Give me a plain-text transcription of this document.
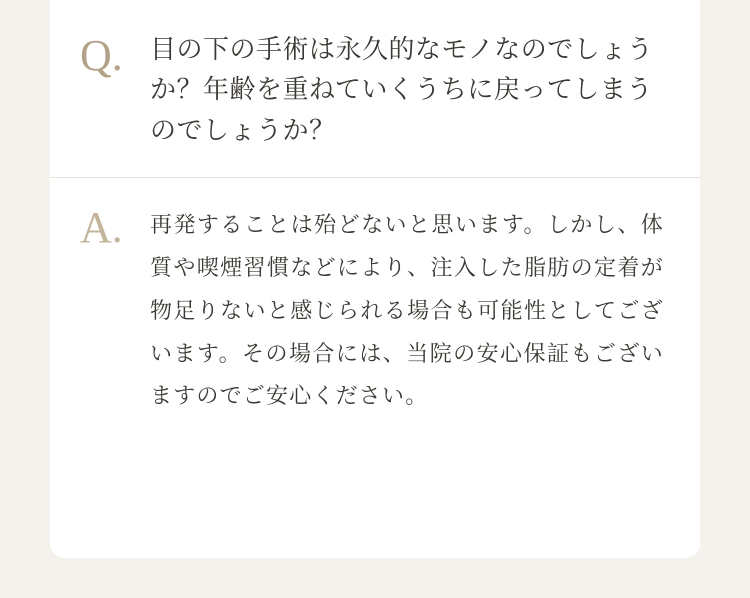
Q.	目の下の手術は永久的なモノなのでしょうか？年齢を重ねていくうちに戻ってしまうのでしょうか？
A.	再発することは殆どないと思います。しかし、体質や喫煙習慣などにより、注入した脂肪の定着が物足りないと感じられる場合も可能性としてございます。その場合には、当院の安心保証もございますのでご安心ください。
